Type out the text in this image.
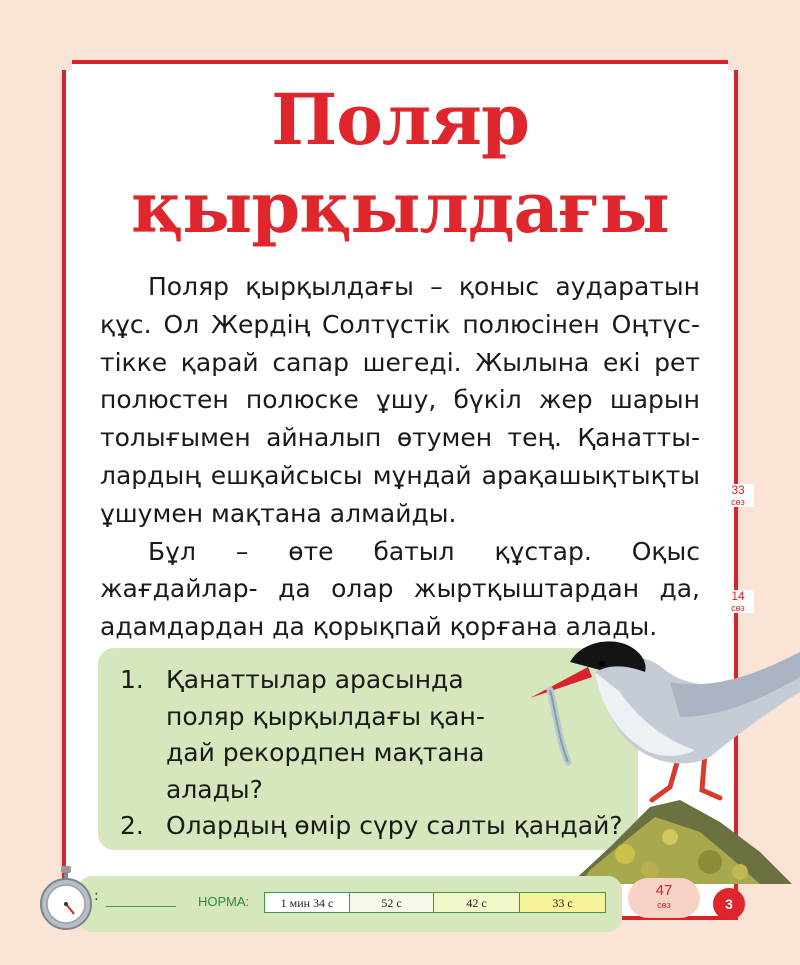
Поляр
қырқылдағы

Поляр қырқылдағы – қоныс аударатын құс. Ол Жердің Солтүстік полюсінен Оңтүс- тікке қарай сапар шегеді. Жылына екі рет полюстен полюске ұшу, бүкіл жер шарын толығымен айналып өтумен тең. Қанатты- лардың ешқайсысы мұндай арақашықтықты ұшумен мақтана алмайды.

Бұл – өте батыл құстар. Оқыс жағдайлар- да олар жыртқыштардан да, адамдардан да қорықпай қорғана алады.

33
сөз
14
сөз
1. Қанаттылар арасында
поляр қырқылдағы қан-
дай рекордпен мақтана
алады?
2. Олардың өмір сүру салты қандай?
:	НОРМА:	1 мин 34 с	52 с	42 с	33 с
47
сөз	3
